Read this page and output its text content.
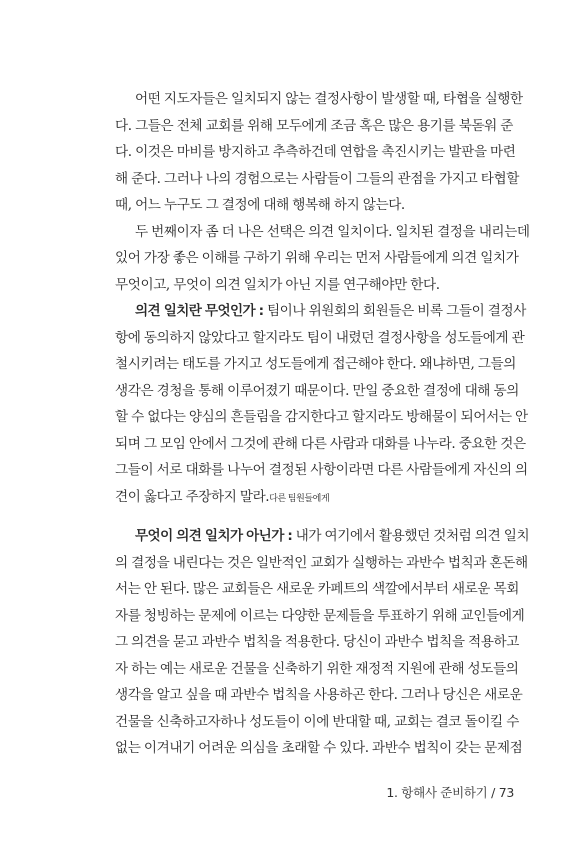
어떤 지도자들은 일치되지 않는 결정사항이 발생할 때, 타협을 실행한
다. 그들은 전체 교회를 위해 모두에게 조금 혹은 많은 용기를 북돋워 준
다. 이것은 마비를 방지하고 추측하건데 연합을 촉진시키는 발판을 마련
해 준다. 그러나 나의 경험으로는 사람들이 그들의 관점을 가지고 타협할
때, 어느 누구도 그 결정에 대해 행복해 하지 않는다.

두 번째이자 좀 더 나은 선택은 의견 일치이다. 일치된 결정을 내리는데
있어 가장 좋은 이해를 구하기 위해 우리는 먼저 사람들에게 의견 일치가
무엇이고, 무엇이 의견 일치가 아닌 지를 연구해야만 한다.

의견 일치란 무엇인가 : 팀이나 위원회의 회원들은 비록 그들이 결정사
항에 동의하지 않았다고 할지라도 팀이 내렸던 결정사항을 성도들에게 관
철시키려는 태도를 가지고 성도들에게 접근해야 한다. 왜냐하면, 그들의
생각은 경청을 통해 이루어졌기 때문이다. 만일 중요한 결정에 대해 동의
할 수 없다는 양심의 흔들림을 감지한다고 할지라도 방해물이 되어서는 안
되며 그 모임 안에서 그것에 관해 다른 사람과 대화를 나누라. 중요한 것은
그들이 서로 대화를 나누어 결정된 사항이라면 다른 사람들에게 자신의 의
견이 옳다고 주장하지 말라.다른 팀원들에게

무엇이 의견 일치가 아닌가 : 내가 여기에서 활용했던 것처럼 의견 일치
의 결정을 내린다는 것은 일반적인 교회가 실행하는 과반수 법칙과 혼돈해
서는 안 된다. 많은 교회들은 새로운 카페트의 색깔에서부터 새로운 목회
자를 청빙하는 문제에 이르는 다양한 문제들을 투표하기 위해 교인들에게
그 의견을 묻고 과반수 법칙을 적용한다. 당신이 과반수 법칙을 적용하고
자 하는 예는 새로운 건물을 신축하기 위한 재정적 지원에 관해 성도들의
생각을 알고 싶을 때 과반수 법칙을 사용하곤 한다. 그러나 당신은 새로운
건물을 신축하고자하나 성도들이 이에 반대할 때, 교회는 결코 돌이킬 수
없는 이겨내기 어려운 의심을 초래할 수 있다. 과반수 법칙이 갖는 문제점

1. 항해사 준비하기 / 73
